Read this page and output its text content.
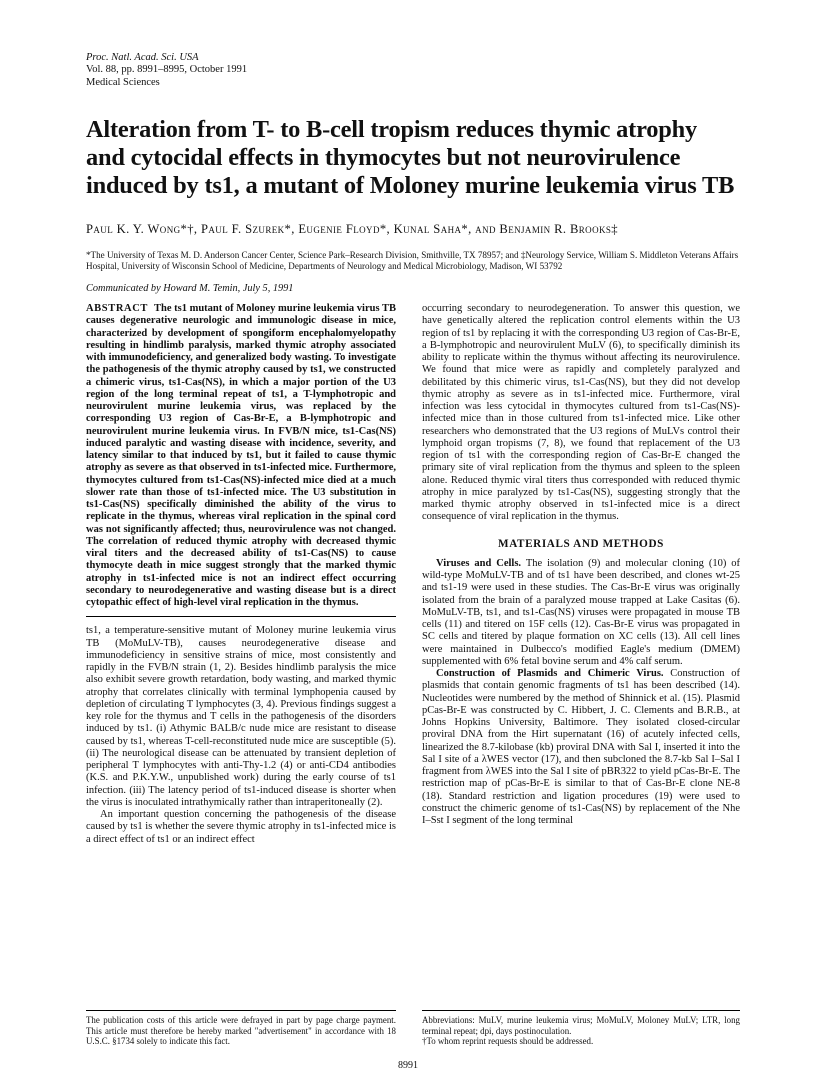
Proc. Natl. Acad. Sci. USA
Vol. 88, pp. 8991–8995, October 1991
Medical Sciences
Alteration from T- to B-cell tropism reduces thymic atrophy and cytocidal effects in thymocytes but not neurovirulence induced by ts1, a mutant of Moloney murine leukemia virus TB
Paul K. Y. Wong*†, Paul F. Szurek*, Eugenie Floyd*, Kunal Saha*, and Benjamin R. Brooks‡
*The University of Texas M. D. Anderson Cancer Center, Science Park–Research Division, Smithville, TX 78957; and ‡Neurology Service, William S. Middleton Veterans Affairs Hospital, University of Wisconsin School of Medicine, Departments of Neurology and Medical Microbiology, Madison, WI 53792
Communicated by Howard M. Temin, July 5, 1991

ABSTRACT The ts1 mutant of Moloney murine leukemia virus TB causes degenerative neurologic and immunologic disease in mice, characterized by development of spongiform encephalomyelopathy resulting in hindlimb paralysis, marked thymic atrophy associated with immunodeficiency, and generalized body wasting. To investigate the pathogenesis of the thymic atrophy caused by ts1, we constructed a chimeric virus, ts1-Cas(NS), in which a major portion of the U3 region of the long terminal repeat of ts1, a T-lymphotropic and neurovirulent murine leukemia virus, was replaced by the corresponding U3 region of Cas-Br-E, a B-lymphotropic and neurovirulent murine leukemia virus. In FVB/N mice, ts1-Cas(NS) induced paralytic and wasting disease with incidence, severity, and latency similar to that induced by ts1, but it failed to cause thymic atrophy as severe as that observed in ts1-infected mice. Furthermore, thymocytes cultured from ts1-Cas(NS)-infected mice died at a much slower rate than those of ts1-infected mice. The U3 substitution in ts1-Cas(NS) specifically diminished the ability of the virus to replicate in the thymus, whereas viral replication in the spinal cord was not significantly affected; thus, neurovirulence was not changed. The correlation of reduced thymic atrophy with decreased thymic viral titers and the decreased ability of ts1-Cas(NS) to cause thymocyte death in mice suggest strongly that the marked thymic atrophy in ts1-infected mice is not an indirect effect occurring secondary to neurodegenerative and wasting disease but is a direct cytopathic effect of high-level viral replication in the thymus.

ts1, a temperature-sensitive mutant of Moloney murine leukemia virus TB (MoMuLV-TB), causes neurodegenerative disease and immunodeficiency in sensitive strains of mice, most consistently and rapidly in the FVB/N strain (1, 2). Besides hindlimb paralysis the mice also exhibit severe growth retardation, body wasting, and marked thymic atrophy that correlates clinically with terminal lymphopenia caused by depletion of circulating T lymphocytes (3, 4). Previous findings suggest a key role for the thymus and T cells in the pathogenesis of the disorders induced by ts1. (i) Athymic BALB/c nude mice are resistant to disease caused by ts1, whereas T-cell-reconstituted nude mice are susceptible (5). (ii) The neurological disease can be attenuated by transient depletion of peripheral T lymphocytes with anti-Thy-1.2 (4) or anti-CD4 antibodies (K.S. and P.K.Y.W., unpublished work) during the early course of ts1 infection. (iii) The latency period of ts1-induced disease is shorter when the virus is inoculated intrathymically rather than intraperitoneally (2).

An important question concerning the pathogenesis of the disease caused by ts1 is whether the severe thymic atrophy in ts1-infected mice is a direct effect of ts1 or an indirect effect

occurring secondary to neurodegeneration. To answer this question, we have genetically altered the replication control elements within the U3 region of ts1 by replacing it with the corresponding U3 region of Cas-Br-E, a B-lymphotropic and neurovirulent MuLV (6), to specifically diminish its ability to replicate within the thymus without affecting its neurovirulence. We found that mice were as rapidly and completely paralyzed and debilitated by this chimeric virus, ts1-Cas(NS), but they did not develop thymic atrophy as severe as in ts1-infected mice. Furthermore, viral infection was less cytocidal in thymocytes cultured from ts1-Cas(NS)-infected mice than in those cultured from ts1-infected mice. Like other researchers who demonstrated that the U3 regions of MuLVs control their lymphoid organ tropisms (7, 8), we found that replacement of the U3 region of ts1 with the corresponding region of Cas-Br-E changed the primary site of viral replication from the thymus and spleen to the spleen alone. Reduced thymic viral titers thus corresponded with reduced thymic atrophy in mice paralyzed by ts1-Cas(NS), suggesting strongly that the marked thymic atrophy observed in ts1-infected mice is a direct consequence of viral replication in the thymus.

MATERIALS AND METHODS

Viruses and Cells. The isolation (9) and molecular cloning (10) of wild-type MoMuLV-TB and of ts1 have been described, and clones wt-25 and ts1-19 were used in these studies. The Cas-Br-E virus was originally isolated from the brain of a paralyzed mouse trapped at Lake Casitas (6). MoMuLV-TB, ts1, and ts1-Cas(NS) viruses were propagated in mouse TB cells (11) and titered on 15F cells (12). Cas-Br-E virus was propagated in SC cells and titered by plaque formation on XC cells (13). All cell lines were maintained in Dulbecco's modified Eagle's medium (DMEM) supplemented with 6% fetal bovine serum and 4% calf serum.

Construction of Plasmids and Chimeric Virus. Construction of plasmids that contain genomic fragments of ts1 has been described (14). Nucleotides were numbered by the method of Shinnick et al. (15). Plasmid pCas-Br-E was constructed by C. Hibbert, J. C. Clements and B.R.B., at Johns Hopkins University, Baltimore. They isolated closed-circular proviral DNA from the Hirt supernatant (16) of acutely infected cells, linearized the 8.7-kilobase (kb) proviral DNA with Sal I, inserted it into the Sal I site of a λWES vector (17), and then subcloned the 8.7-kb Sal I–Sal I fragment from λWES into the Sal I site of pBR322 to yield pCas-Br-E. The restriction map of pCas-Br-E is similar to that of Cas-Br-E clone NE-8 (18). Standard restriction and ligation procedures (19) were used to construct the chimeric genome of ts1-Cas(NS) by replacement of the Nhe I–Sst I segment of the long terminal

The publication costs of this article were defrayed in part by page charge payment. This article must therefore be hereby marked "advertisement" in accordance with 18 U.S.C. §1734 solely to indicate this fact.
Abbreviations: MuLV, murine leukemia virus; MoMuLV, Moloney MuLV; LTR, long terminal repeat; dpi, days postinoculation.
†To whom reprint requests should be addressed.
8991
